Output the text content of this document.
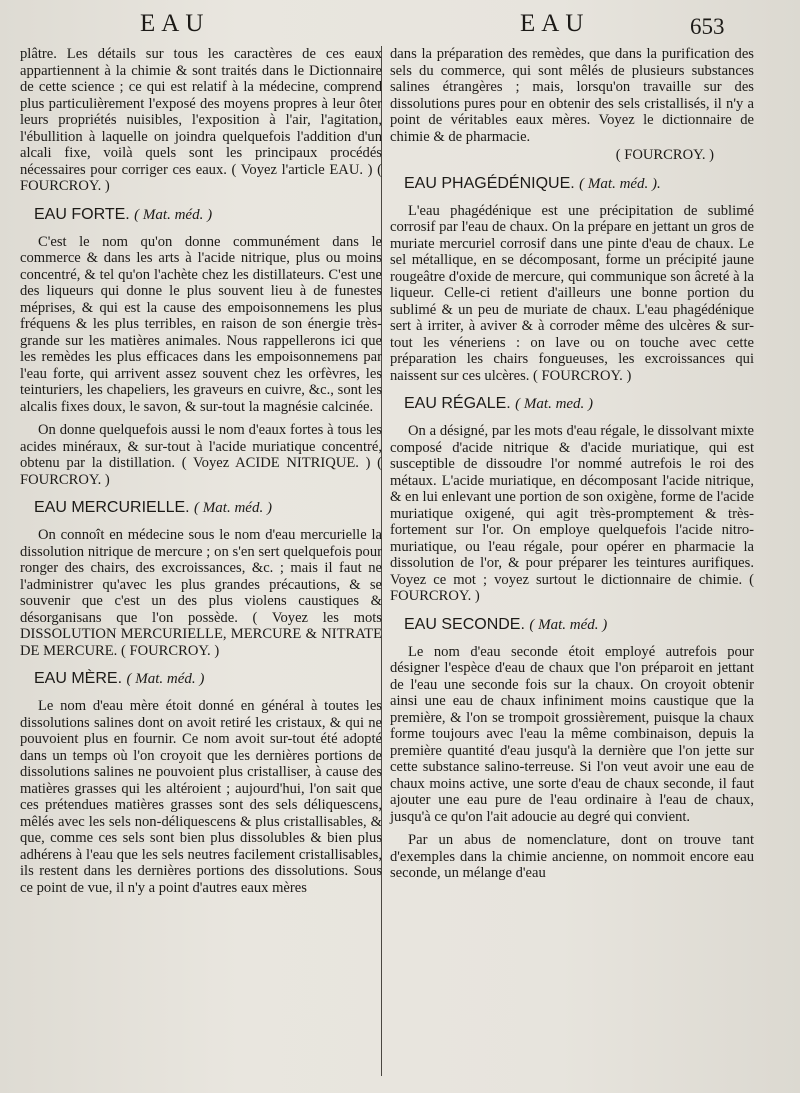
EAU	EAU	653

plâtre. Les détails sur tous les caractères de ces eaux appartiennent à la chimie & sont traités dans le Dictionnaire de cette science ; ce qui est relatif à la médecine, comprend plus particulièrement l'exposé des moyens propres à leur ôter leurs propriétés nuisibles, l'exposition à l'air, l'agitation, l'ébullition à laquelle on joindra quelquefois l'addition d'un alcali fixe, voilà quels sont les principaux procédés nécessaires pour corriger ces eaux. ( Voyez l'article EAU. ) ( FOURCROY. )

EAU FORTE. ( Mat. méd. )

C'est le nom qu'on donne communément dans le commerce & dans les arts à l'acide nitrique, plus ou moins concentré, & tel qu'on l'achète chez les distillateurs. C'est une des liqueurs qui donne le plus souvent lieu à de funestes méprises, & qui est la cause des empoisonnemens les plus fréquens & les plus terribles, en raison de son énergie très-grande sur les matières animales. Nous rappellerons ici que les remèdes les plus efficaces dans les empoisonnemens par l'eau forte, qui arrivent assez souvent chez les orfèvres, les teinturiers, les chapeliers, les graveurs en cuivre, &c., sont les alcalis fixes doux, le savon, & sur-tout la magnésie calcinée.

On donne quelquefois aussi le nom d'eaux fortes à tous les acides minéraux, & sur-tout à l'acide muriatique concentré, obtenu par la distillation. ( Voyez ACIDE NITRIQUE. ) ( FOURCROY. )

EAU MERCURIELLE. ( Mat. méd. )

On connoît en médecine sous le nom d'eau mercurielle la dissolution nitrique de mercure ; on s'en sert quelquefois pour ronger des chairs, des excroissances, &c. ; mais il faut ne l'administrer qu'avec les plus grandes précautions, & se souvenir que c'est un des plus violens caustiques & désorganisans que l'on possède. ( Voyez les mots DISSOLUTION MERCURIELLE, MERCURE & NITRATE DE MERCURE. ( FOURCROY. )

EAU MÈRE. ( Mat. méd. )

Le nom d'eau mère étoit donné en général à toutes les dissolutions salines dont on avoit retiré les cristaux, & qui ne pouvoient plus en fournir. Ce nom avoit sur-tout été adopté dans un temps où l'on croyoit que les dernières portions de dissolutions salines ne pouvoient plus cristalliser, à cause des matières grasses qui les altéroient ; aujourd'hui, l'on sait que ces prétendues matières grasses sont des sels déliquescens, mêlés avec les sels non-déliquescens & plus cristallisables, & que, comme ces sels sont bien plus dissolubles & bien plus adhérens à l'eau que les sels neutres facilement cristallisables, ils restent dans les dernières portions des dissolutions. Sous ce point de vue, il n'y a point d'autres eaux mères

dans la préparation des remèdes, que dans la purification des sels du commerce, qui sont mêlés de plusieurs substances salines étrangères ; mais, lorsqu'on travaille sur des dissolutions pures pour en obtenir des sels cristallisés, il n'y a point de véritables eaux mères. Voyez le dictionnaire de chimie & de pharmacie.

( FOURCROY. )

EAU PHAGÉDÉNIQUE. ( Mat. méd. ).

L'eau phagédénique est une précipitation de sublimé corrosif par l'eau de chaux. On la prépare en jettant un gros de muriate mercuriel corrosif dans une pinte d'eau de chaux. Le sel métallique, en se décomposant, forme un précipité jaune rougeâtre d'oxide de mercure, qui communique son âcreté à la liqueur. Celle-ci retient d'ailleurs une bonne portion du sublimé & un peu de muriate de chaux. L'eau phagédénique sert à irriter, à aviver & à corroder même des ulcères & sur-tout les véneriens : on lave ou on touche avec cette préparation les chairs fongueuses, les excroissances qui naissent sur ces ulcères. ( FOURCROY. )

EAU RÉGALE. ( Mat. med. )

On a désigné, par les mots d'eau régale, le dissolvant mixte composé d'acide nitrique & d'acide muriatique, qui est susceptible de dissoudre l'or nommé autrefois le roi des métaux. L'acide muriatique, en décomposant l'acide nitrique, & en lui enlevant une portion de son oxigène, forme de l'acide muriatique oxigené, qui agit très-promptement & très-fortement sur l'or. On employe quelquefois l'acide nitro-muriatique, ou l'eau régale, pour opérer en pharmacie la dissolution de l'or, & pour préparer les teintures aurifiques. Voyez ce mot ; voyez surtout le dictionnaire de chimie. ( FOURCROY. )

EAU SECONDE. ( Mat. méd. )

Le nom d'eau seconde étoit employé autrefois pour désigner l'espèce d'eau de chaux que l'on préparoit en jettant de l'eau une seconde fois sur la chaux. On croyoit obtenir ainsi une eau de chaux infiniment moins caustique que la première, & l'on se trompoit grossièrement, puisque la chaux forme toujours avec l'eau la même combinaison, depuis la première quantité d'eau jusqu'à la dernière que l'on jette sur cette substance salino-terreuse. Si l'on veut avoir une eau de chaux moins active, une sorte d'eau de chaux seconde, il faut ajouter une eau pure de l'eau ordinaire à l'eau de chaux, jusqu'à ce qu'on l'ait adoucie au degré qui convient.

Par un abus de nomenclature, dont on trouve tant d'exemples dans la chimie ancienne, on nommoit encore eau seconde, un mélange d'eau
